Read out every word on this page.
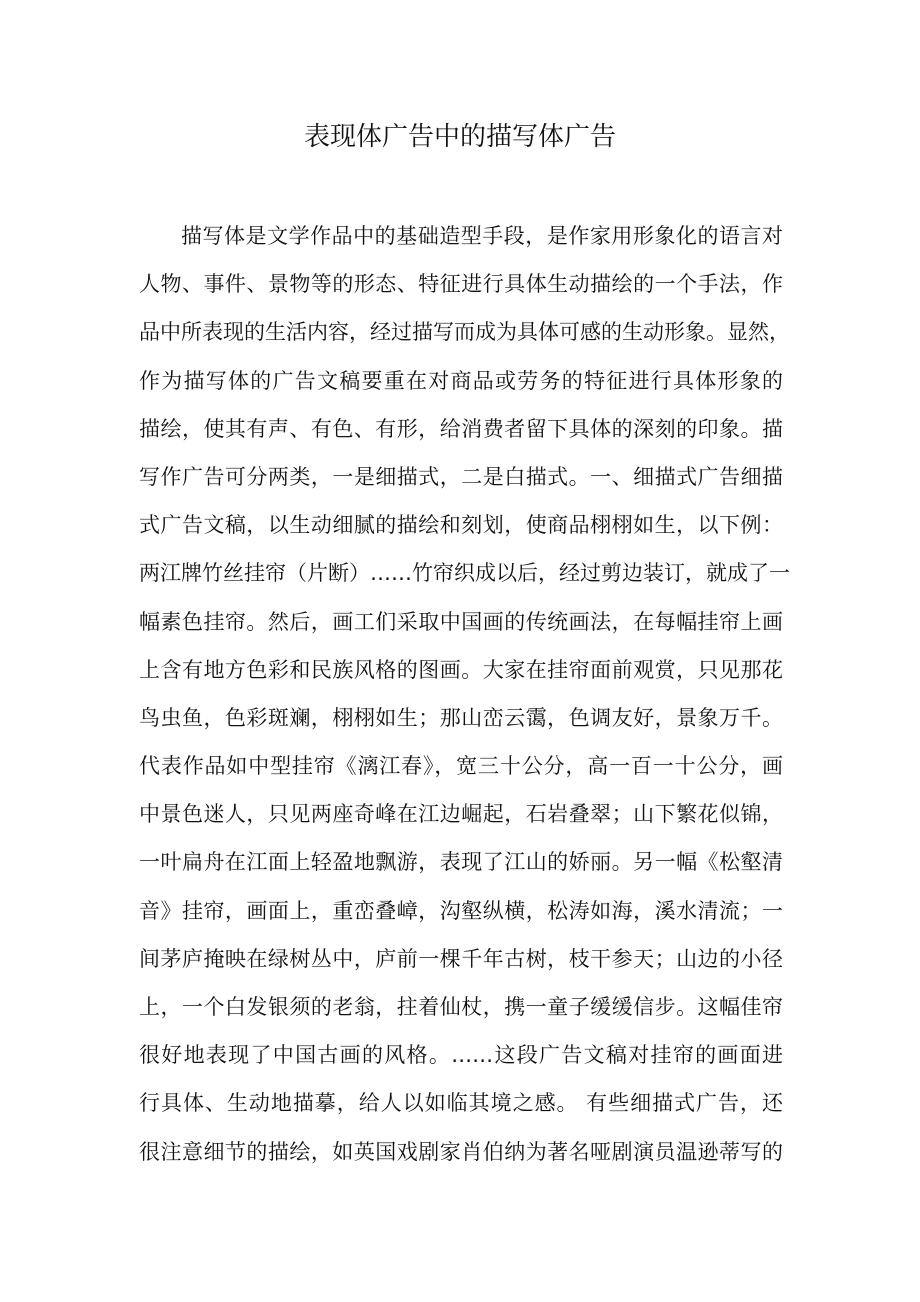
表现体广告中的描写体广告
描写体是文学作品中的基础造型手段，是作家用形象化的语言对
人物、事件、景物等的形态、特征进行具体生动描绘的一个手法，作
品中所表现的生活内容，经过描写而成为具体可感的生动形象。显然，
作为描写体的广告文稿要重在对商品或劳务的特征进行具体形象的
描绘，使其有声、有色、有形，给消费者留下具体的深刻的印象。描
写作广告可分两类，一是细描式，二是白描式。一、细描式广告细描
式广告文稿，以生动细腻的描绘和刻划，使商品栩栩如生，以下例：
两江牌竹丝挂帘（片断）……竹帘织成以后，经过剪边装订，就成了一
幅素色挂帘。然后，画工们采取中国画的传统画法，在每幅挂帘上画
上含有地方色彩和民族风格的图画。大家在挂帘面前观赏，只见那花
鸟虫鱼，色彩斑斓，栩栩如生；那山峦云霭，色调友好，景象万千。
代表作品如中型挂帘《漓江春》，宽三十公分，高一百一十公分，画
中景色迷人，只见两座奇峰在江边崛起，石岩叠翠；山下繁花似锦，
一叶扁舟在江面上轻盈地飘游，表现了江山的娇丽。另一幅《松壑清
音》挂帘，画面上，重峦叠嶂，沟壑纵横，松涛如海，溪水清流；一
间茅庐掩映在绿树丛中，庐前一棵千年古树，枝干参天；山边的小径
上，一个白发银须的老翁，拄着仙杖，携一童子缓缓信步。这幅佳帘
很好地表现了中国古画的风格。……这段广告文稿对挂帘的画面进
行具体、生动地描摹，给人以如临其境之感。 有些细描式广告，还
很注意细节的描绘，如英国戏剧家肖伯纳为著名哑剧演员温逊蒂写的
